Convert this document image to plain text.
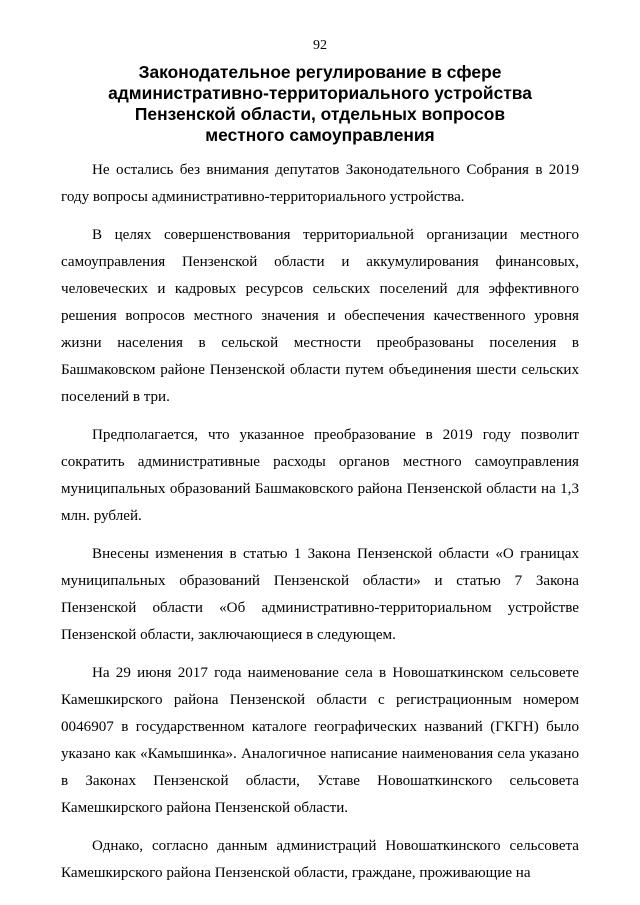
92
Законодательное регулирование в сфере административно-территориального устройства Пензенской области, отдельных вопросов местного самоуправления

Не остались без внимания депутатов Законодательного Собрания в 2019 году вопросы административно-территориального устройства.

В целях совершенствования территориальной организации местного самоуправления Пензенской области и аккумулирования финансовых, человеческих и кадровых ресурсов сельских поселений для эффективного решения вопросов местного значения и обеспечения качественного уровня жизни населения в сельской местности преобразованы поселения в Башмаковском районе Пензенской области путем объединения шести сельских поселений в три.

Предполагается, что указанное преобразование в 2019 году позволит сократить административные расходы органов местного самоуправления муниципальных образований Башмаковского района Пензенской области на 1,3 млн. рублей.

Внесены изменения в статью 1 Закона Пензенской области «О границах муниципальных образований Пензенской области» и статью 7 Закона Пензенской области «Об административно-территориальном устройстве Пензенской области, заключающиеся в следующем.

На 29 июня 2017 года наименование села в Новошаткинском сельсовете Камешкирского района Пензенской области с регистрационным номером 0046907 в государственном каталоге географических названий (ГКГН) было указано как «Камышинка». Аналогичное написание наименования села указано в Законах Пензенской области, Уставе Новошаткинского сельсовета Камешкирского района Пензенской области.

Однако, согласно данным администраций Новошаткинского сельсовета Камешкирского района Пензенской области, граждане, проживающие на
